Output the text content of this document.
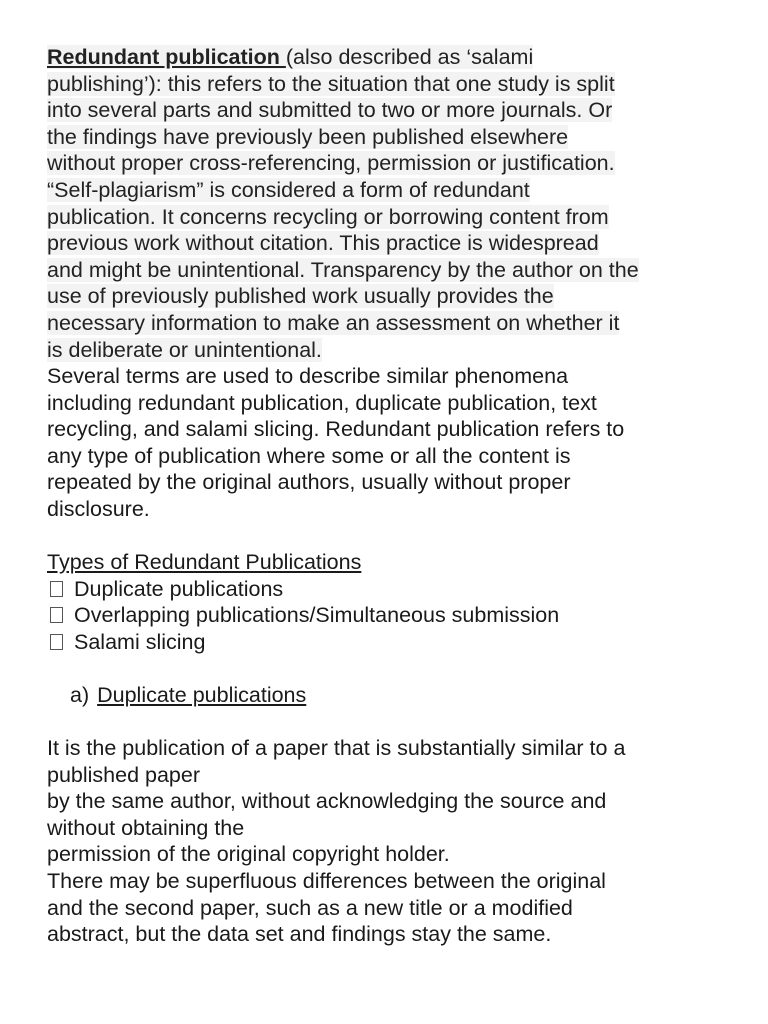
Redundant publication (also described as ‘salami
publishing’): this refers to the situation that one study is split
into several parts and submitted to two or more journals. Or
the findings have previously been published elsewhere
without proper cross-referencing, permission or justification.
“Self-plagiarism” is considered a form of redundant
publication. It concerns recycling or borrowing content from
previous work without citation. This practice is widespread
and might be unintentional. Transparency by the author on the
use of previously published work usually provides the
necessary information to make an assessment on whether it
is deliberate or unintentional.
Several terms are used to describe similar phenomena
including redundant publication, duplicate publication, text
recycling, and salami slicing. Redundant publication refers to
any type of publication where some or all the content is
repeated by the original authors, usually without proper
disclosure.
Types of Redundant Publications
Duplicate publications
Overlapping publications/Simultaneous submission
Salami slicing
a) Duplicate publications
It is the publication of a paper that is substantially similar to a
published paper
by the same author, without acknowledging the source and
without obtaining the
permission of the original copyright holder.
There may be superfluous differences between the original
and the second paper, such as a new title or a modified
abstract, but the data set and findings stay the same.
